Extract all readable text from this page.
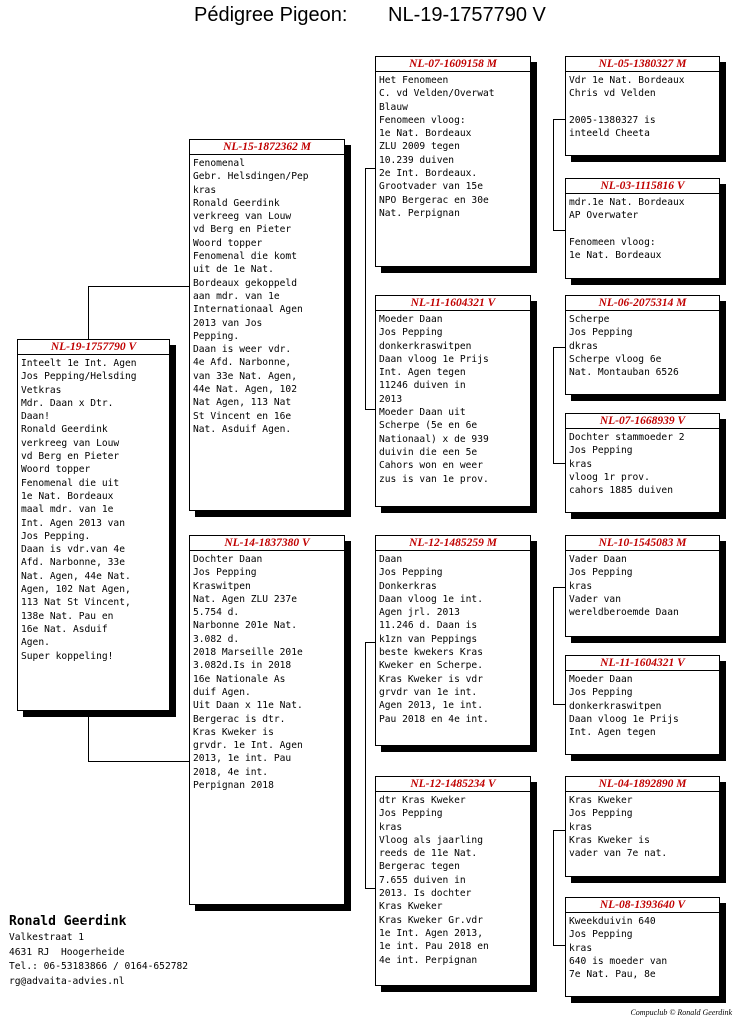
Pédigree Pigeon: NL-19-1757790 V
NL-19-1757790 V
Inteelt 1e Int. Agen
Jos Pepping/Helsding
Vetkras
Mdr. Daan x Dtr.
Daan!
Ronald Geerdink
verkreeg van Louw
vd Berg en Pieter
Woord topper
Fenomenal die uit
1e Nat. Bordeaux
maal mdr. van 1e
Int. Agen 2013 van
Jos Pepping.
Daan is vdr.van 4e
Afd. Narbonne, 33e
Nat. Agen, 44e Nat.
Agen, 102 Nat Agen,
113 Nat St Vincent,
138e Nat. Pau en
16e Nat. Asduif
Agen.
Super koppeling!
NL-15-1872362 M
Fenomenal
Gebr. Helsdingen/Pep
kras
Ronald Geerdink
verkreeg van Louw
vd Berg en Pieter
Woord topper
Fenomenal die komt
uit de 1e Nat.
Bordeaux gekoppeld
aan mdr. van 1e
Internationaal Agen
2013 van Jos
Pepping.
Daan is weer vdr.
4e Afd. Narbonne,
van 33e Nat. Agen,
44e Nat. Agen, 102
Nat Agen, 113 Nat
St Vincent en 16e
Nat. Asduif Agen.
NL-14-1837380 V
Dochter Daan
Jos Pepping
Kraswitpen
Nat. Agen ZLU 237e
5.754 d.
Narbonne 201e Nat.
3.082 d.
2018 Marseille 201e
3.082d.Is in 2018
16e Nationale As
duif Agen.
Uit Daan x 11e Nat.
Bergerac is dtr.
Kras Kweker is
grvdr. 1e Int. Agen
2013, 1e int. Pau
2018, 4e int.
Perpignan 2018
NL-07-1609158 M
Het Fenomeen
C. vd Velden/Overwat
Blauw
Fenomeen vloog:
1e Nat. Bordeaux
ZLU 2009 tegen
10.239 duiven
2e Int. Bordeaux.
Grootvader van 15e
NPO Bergerac en 30e
Nat. Perpignan
NL-11-1604321 V
Moeder Daan
Jos Pepping
donkerkraswitpen
Daan vloog 1e Prijs
Int. Agen tegen
11246 duiven in
2013
Moeder Daan uit
Scherpe (5e en 6e
Nationaal) x de 939
duivin die een 5e
Cahors won en weer
zus is van 1e prov.
NL-12-1485259 M
Daan
Jos Pepping
Donkerkras
Daan vloog 1e int.
Agen jrl. 2013
11.246 d. Daan is
k1zn van Peppings
beste kwekers Kras
Kweker en Scherpe.
Kras Kweker is vdr
grvdr van 1e int.
Agen 2013, 1e int.
Pau 2018 en 4e int.
NL-12-1485234 V
dtr Kras Kweker
Jos Pepping
kras
Vloog als jaarling
reeds de 11e Nat.
Bergerac tegen
7.655 duiven in
2013. Is dochter
Kras Kweker
Kras Kweker Gr.vdr
1e Int. Agen 2013,
1e int. Pau 2018 en
4e int. Perpignan
NL-05-1380327 M
Vdr 1e Nat. Bordeaux
Chris vd Velden

2005-1380327 is
inteeld Cheeta
NL-03-1115816 V
mdr.1e Nat. Bordeaux
AP Overwater

Fenomeen vloog:
1e Nat. Bordeaux
NL-06-2075314 M
Scherpe
Jos Pepping
dkras
Scherpe vloog 6e
Nat. Montauban 6526
NL-07-1668939 V
Dochter stammoeder 2
Jos Pepping
kras
vloog 1r prov.
cahors 1885 duiven
NL-10-1545083 M
Vader Daan
Jos Pepping
kras
Vader van
wereldberoemde Daan
NL-11-1604321 V
Moeder Daan
Jos Pepping
donkerkraswitpen
Daan vloog 1e Prijs
Int. Agen tegen
NL-04-1892890 M
Kras Kweker
Jos Pepping
kras
Kras Kweker is
vader van 7e nat.
NL-08-1393640 V
Kweekduivin 640
Jos Pepping
kras
640 is moeder van
7e Nat. Pau, 8e
Ronald Geerdink
Valkestraat 1
4631 RJ  Hoogerheide
Tel.: 06-53183866 / 0164-652782
rg@advaita-advies.nl
Compuclub © Ronald Geerdink
